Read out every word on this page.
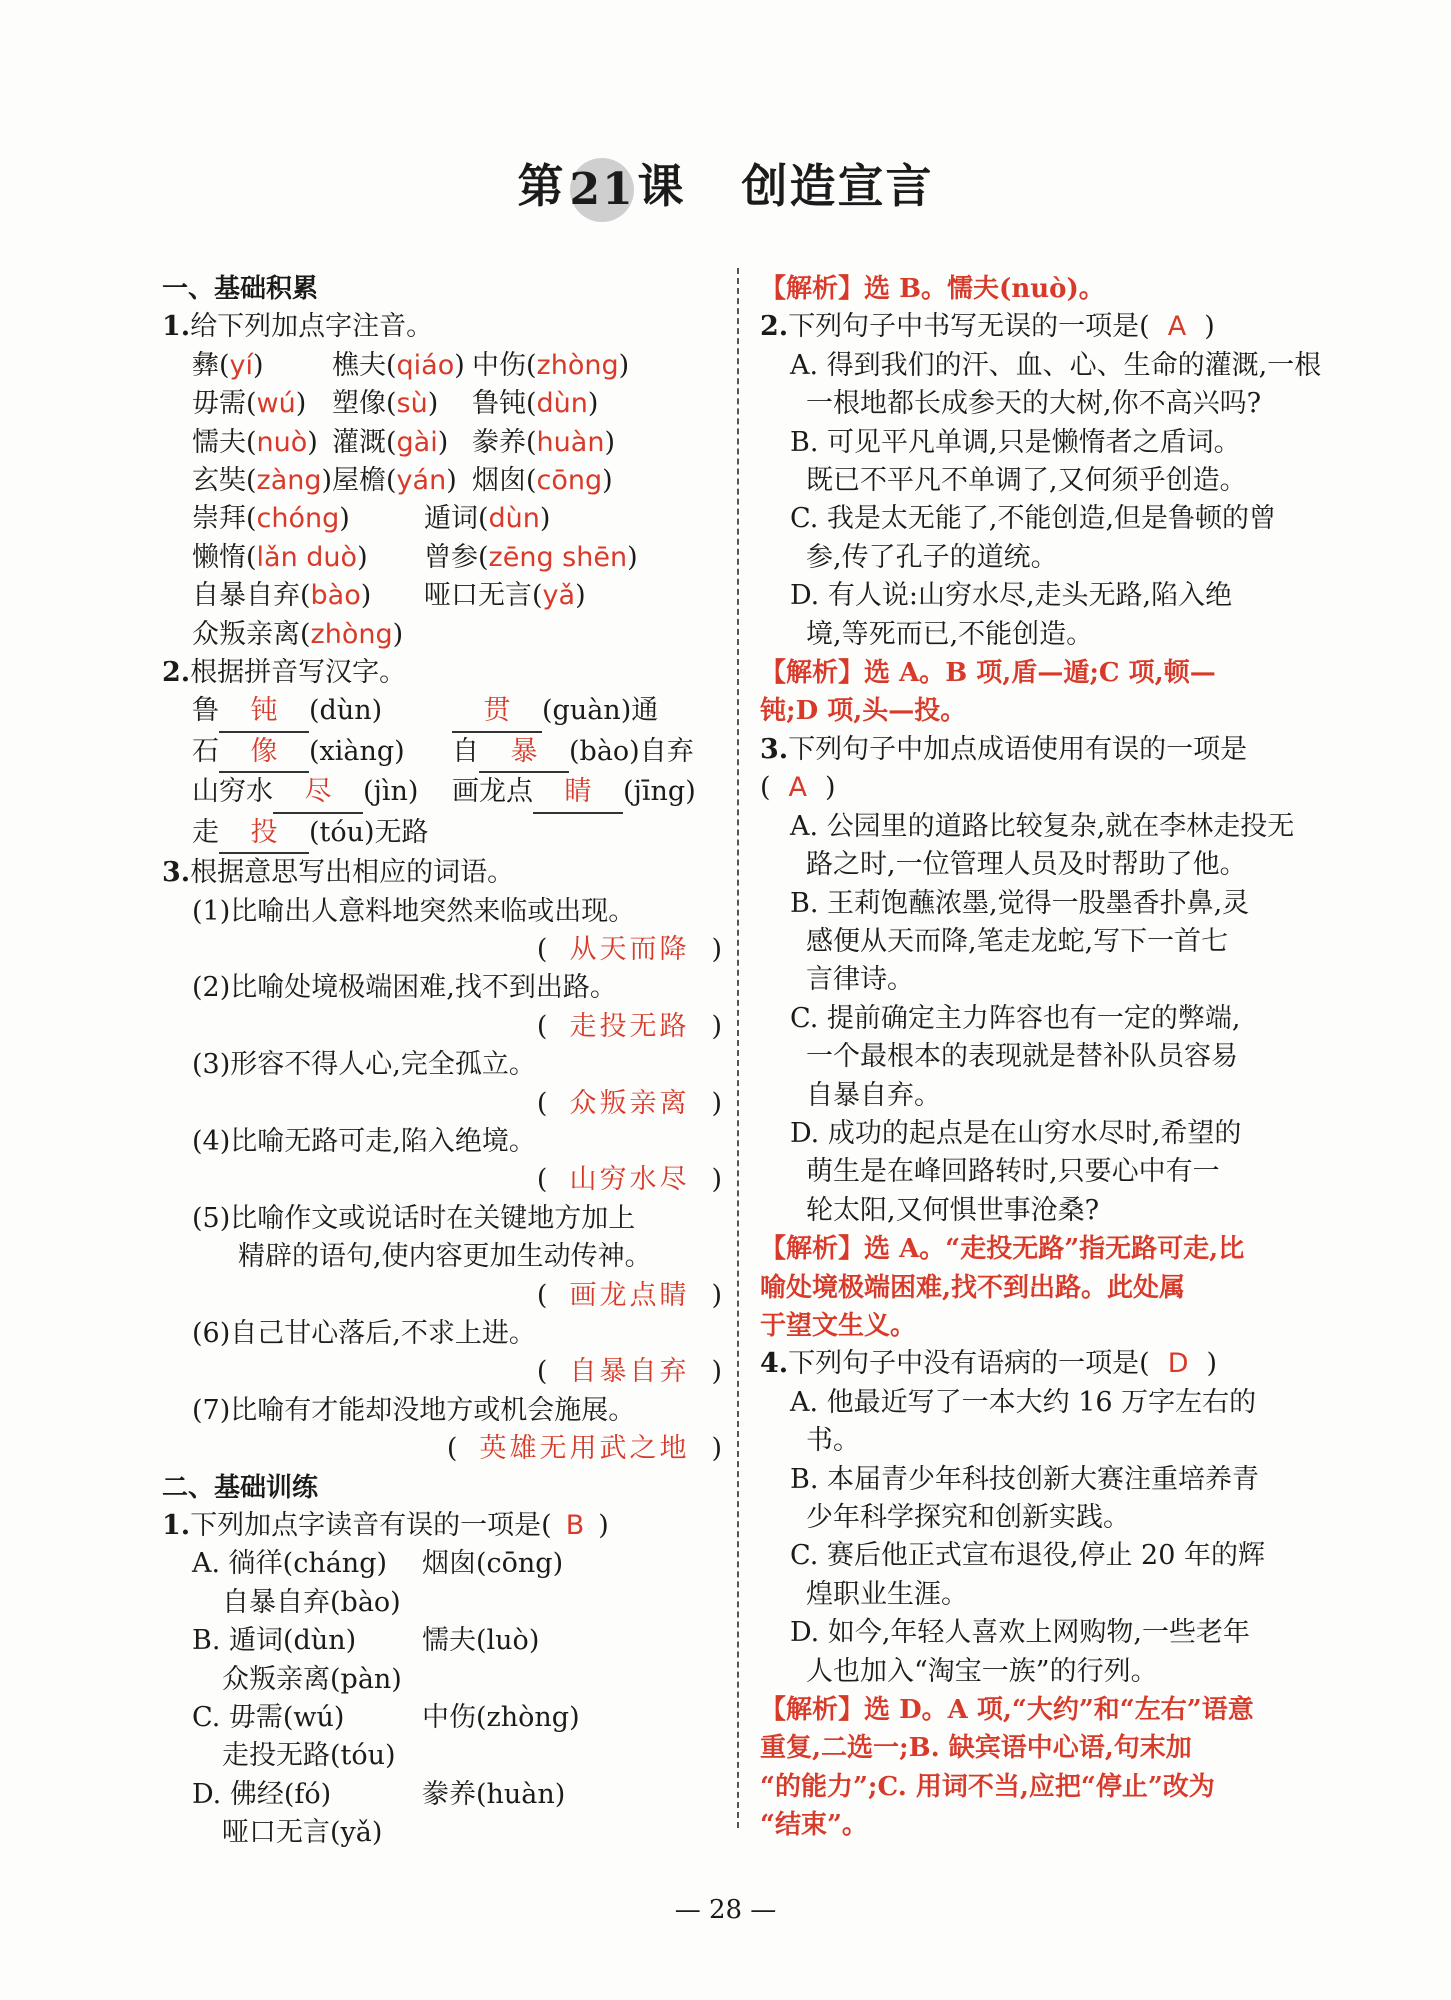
第21课 创造宣言
一、基础积累
1.给下列加点字注音。
彝(yí)	樵夫(qiáo) 中伤(zhòng)
毋需(wú) 塑像(sù) 鲁钝(dùn)
懦夫(nuò) 灌溉(gài) 豢养(huàn)
玄奘(zàng)屋檐(yán) 烟囱(cōng)
崇拜(chóng)	遁词(dùn)
懒惰(lǎn duò) 曾参(zēng shēn)
自暴自弃(bào) 哑口无言(yǎ)
众叛亲离(zhòng)
2.根据拼音写汉字。
鲁 钝 (dùn)	贯 (guàn)通
石 像 (xiàng) 自 暴 (bào)自弃
山穷水 尽 (jìn) 画龙点 睛 (jīng)
走 投 (tóu)无路
3.根据意思写出相应的词语。
(1)比喻出人意料地突然来临或出现。
( 从天而降 )
(2)比喻处境极端困难,找不到出路。
( 走投无路 )
(3)形容不得人心,完全孤立。
( 众叛亲离 )
(4)比喻无路可走,陷入绝境。
( 山穷水尽 )
(5)比喻作文或说话时在关键地方加上
精辟的语句,使内容更加生动传神。
( 画龙点睛 )
(6)自己甘心落后,不求上进。
( 自暴自弃 )
(7)比喻有才能却没地方或机会施展。
( 英雄无用武之地 )
二、基础训练
1.下列加点字读音有误的一项是( B )
A. 徜徉(cháng) 烟囱(cōng)
自暴自弃(bào)
B. 遁词(dùn) 懦夫(luò)
众叛亲离(pàn)
C. 毋需(wú)	中伤(zhòng)
走投无路(tóu)
D. 佛经(fó)	豢养(huàn)
哑口无言(yǎ)
【解析】选 B。懦夫(nuò)。
2.下列句子中书写无误的一项是( A )
A. 得到我们的汗、血、心、生命的灌溉,一根
一根地都长成参天的大树,你不高兴吗?
B. 可见平凡单调,只是懒惰者之盾词。
既已不平凡不单调了,又何须乎创造。
C. 我是太无能了,不能创造,但是鲁顿的曾
参,传了孔子的道统。
D. 有人说:山穷水尽,走头无路,陷入绝
境,等死而已,不能创造。
【解析】选 A。B 项,盾—遁;C 项,顿—
钝;D 项,头—投。
3.下列句子中加点成语使用有误的一项是
( A )
A. 公园里的道路比较复杂,就在李林走投无
路之时,一位管理人员及时帮助了他。
B. 王莉饱蘸浓墨,觉得一股墨香扑鼻,灵
感便从天而降,笔走龙蛇,写下一首七
言律诗。
C. 提前确定主力阵容也有一定的弊端,
一个最根本的表现就是替补队员容易
自暴自弃。
D. 成功的起点是在山穷水尽时,希望的
萌生是在峰回路转时,只要心中有一
轮太阳,又何惧世事沧桑?
【解析】选 A。“走投无路”指无路可走,比
喻处境极端困难,找不到出路。此处属
于望文生义。
4.下列句子中没有语病的一项是( D )
A. 他最近写了一本大约 16 万字左右的
书。
B. 本届青少年科技创新大赛注重培养青
少年科学探究和创新实践。
C. 赛后他正式宣布退役,停止 20 年的辉
煌职业生涯。
D. 如今,年轻人喜欢上网购物,一些老年
人也加入“淘宝一族”的行列。
【解析】选 D。A 项,“大约”和“左右”语意
重复,二选一;B. 缺宾语中心语,句末加
“的能力”;C. 用词不当,应把“停止”改为
“结束”。
— 28 —
